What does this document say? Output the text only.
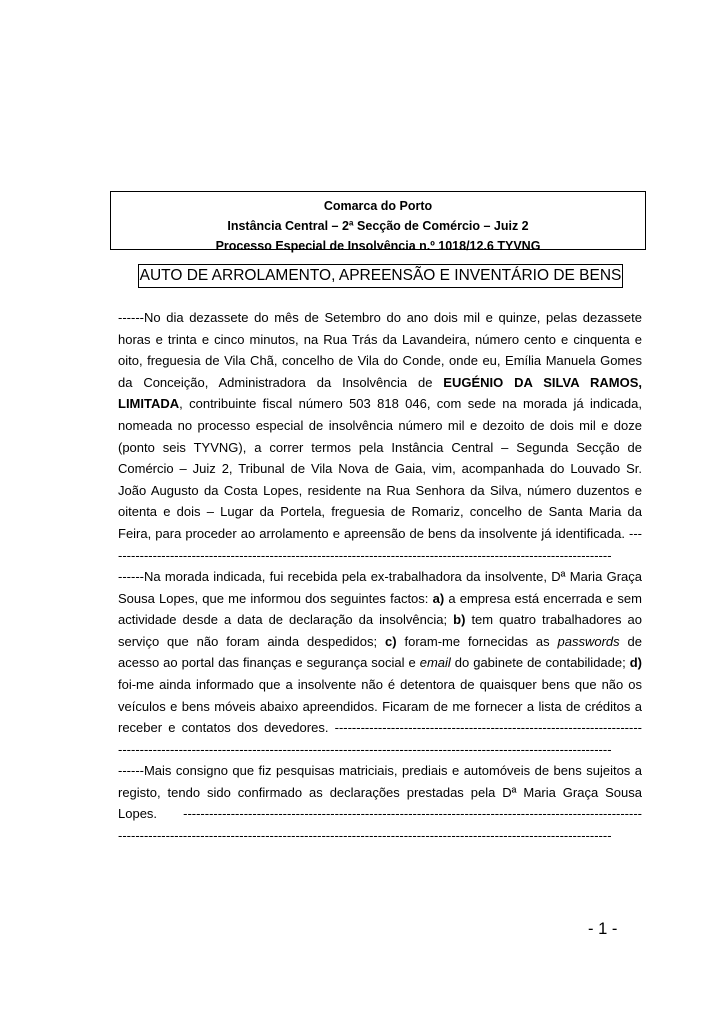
Comarca do Porto
Instância Central – 2ª Secção de Comércio – Juiz 2
Processo Especial de Insolvência n.º 1018/12.6 TYVNG
AUTO DE ARROLAMENTO, APREENSÃO E INVENTÁRIO DE BENS
------No dia dezassete do mês de Setembro do ano dois mil e quinze, pelas dezassete
horas e trinta e cinco minutos, na Rua Trás da Lavandeira, número cento e cinquenta e
oito, freguesia de Vila Chã, concelho de Vila do Conde, onde eu, Emília Manuela Gomes
da Conceição, Administradora da Insolvência de EUGÉNIO DA SILVA RAMOS,
LIMITADA, contribuinte fiscal número 503 818 046, com sede na morada já indicada,
nomeada no processo especial de insolvência número mil e dezoito de dois mil e doze
(ponto seis TYVNG), a correr termos pela Instância Central – Segunda Secção de
Comércio – Juiz 2, Tribunal de Vila Nova de Gaia, vim, acompanhada do Louvado Sr.
João Augusto da Costa Lopes, residente na Rua Senhora da Silva, número duzentos e
oitenta e dois – Lugar da Portela, freguesia de Romariz, concelho de Santa Maria da
Feira, para proceder ao arrolamento e apreensão de bens da insolvente já identificada. ---
------------------------------------------------------------------------------------------------------------------
------Na morada indicada, fui recebida pela ex-trabalhadora da insolvente, Dª Maria Graça
Sousa Lopes, que me informou dos seguintes factos: a) a empresa está encerrada e sem
actividade desde a data de declaração da insolvência; b) tem quatro trabalhadores ao
serviço que não foram ainda despedidos; c) foram-me fornecidas as passwords de
acesso ao portal das finanças e segurança social e email do gabinete de contabilidade; d)
foi-me ainda informado que a insolvente não é detentora de quaisquer bens que não os
veículos e bens móveis abaixo apreendidos. Ficaram de me fornecer a lista de créditos a
receber e contatos dos devedores. -----------------------------------------------------------------------
------------------------------------------------------------------------------------------------------------------
------Mais consigno que fiz pesquisas matriciais, prediais e automóveis de bens sujeitos a
registo, tendo sido confirmado as declarações prestadas pela Dª Maria Graça Sousa
Lopes. ----------------------------------------------------------------------------------------------------------
------------------------------------------------------------------------------------------------------------------
- 1 -
